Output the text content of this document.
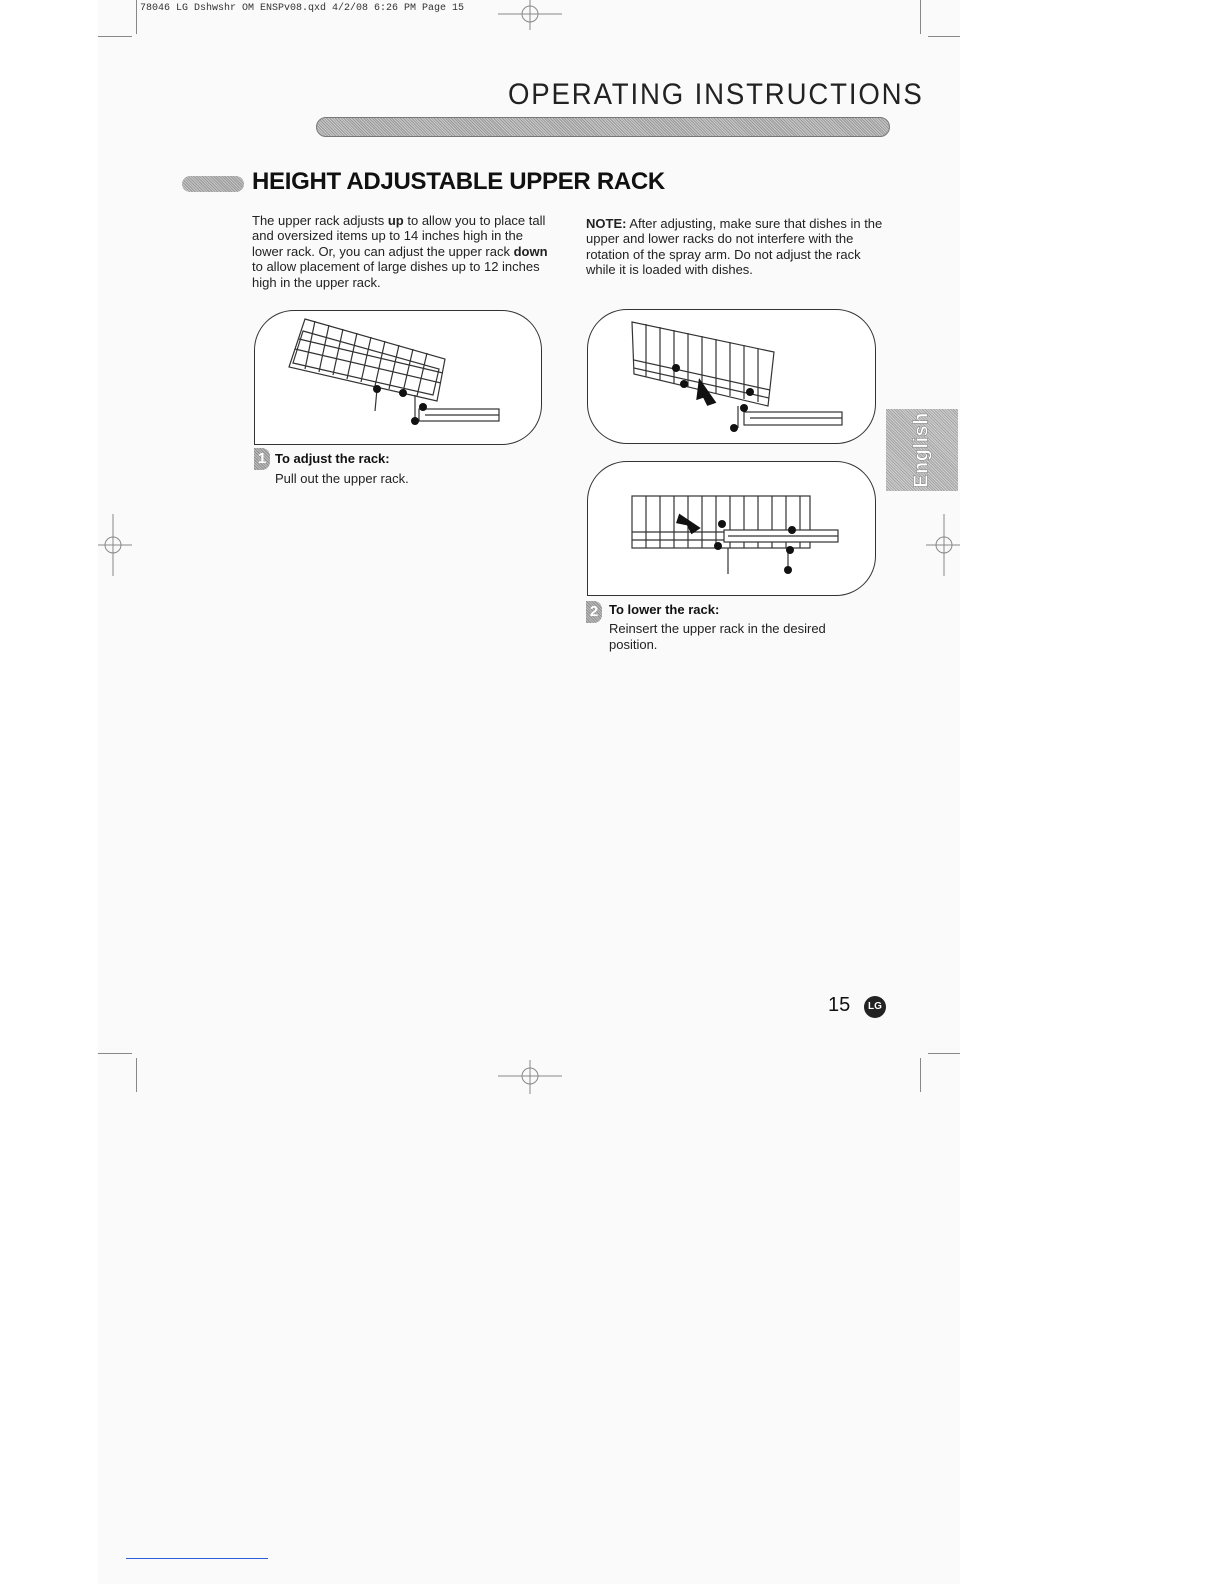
78046 LG Dshwshr OM ENSPv08.qxd 4/2/08 6:26 PM Page 15
OPERATING INSTRUCTIONS
HEIGHT ADJUSTABLE UPPER RACK
The upper rack adjusts up to allow you to place tall and oversized items up to 14 inches high in the lower rack. Or, you can adjust the upper rack down to allow placement of large dishes up to 12 inches high in the upper rack.
NOTE: After adjusting, make sure that dishes in the upper and lower racks do not interfere with the rotation of the spray arm. Do not adjust the rack while it is loaded with dishes.
1 To adjust the rack:
Pull out the upper rack.
2 To lower the rack:
Reinsert the upper rack in the desired position.
English
15	LG
